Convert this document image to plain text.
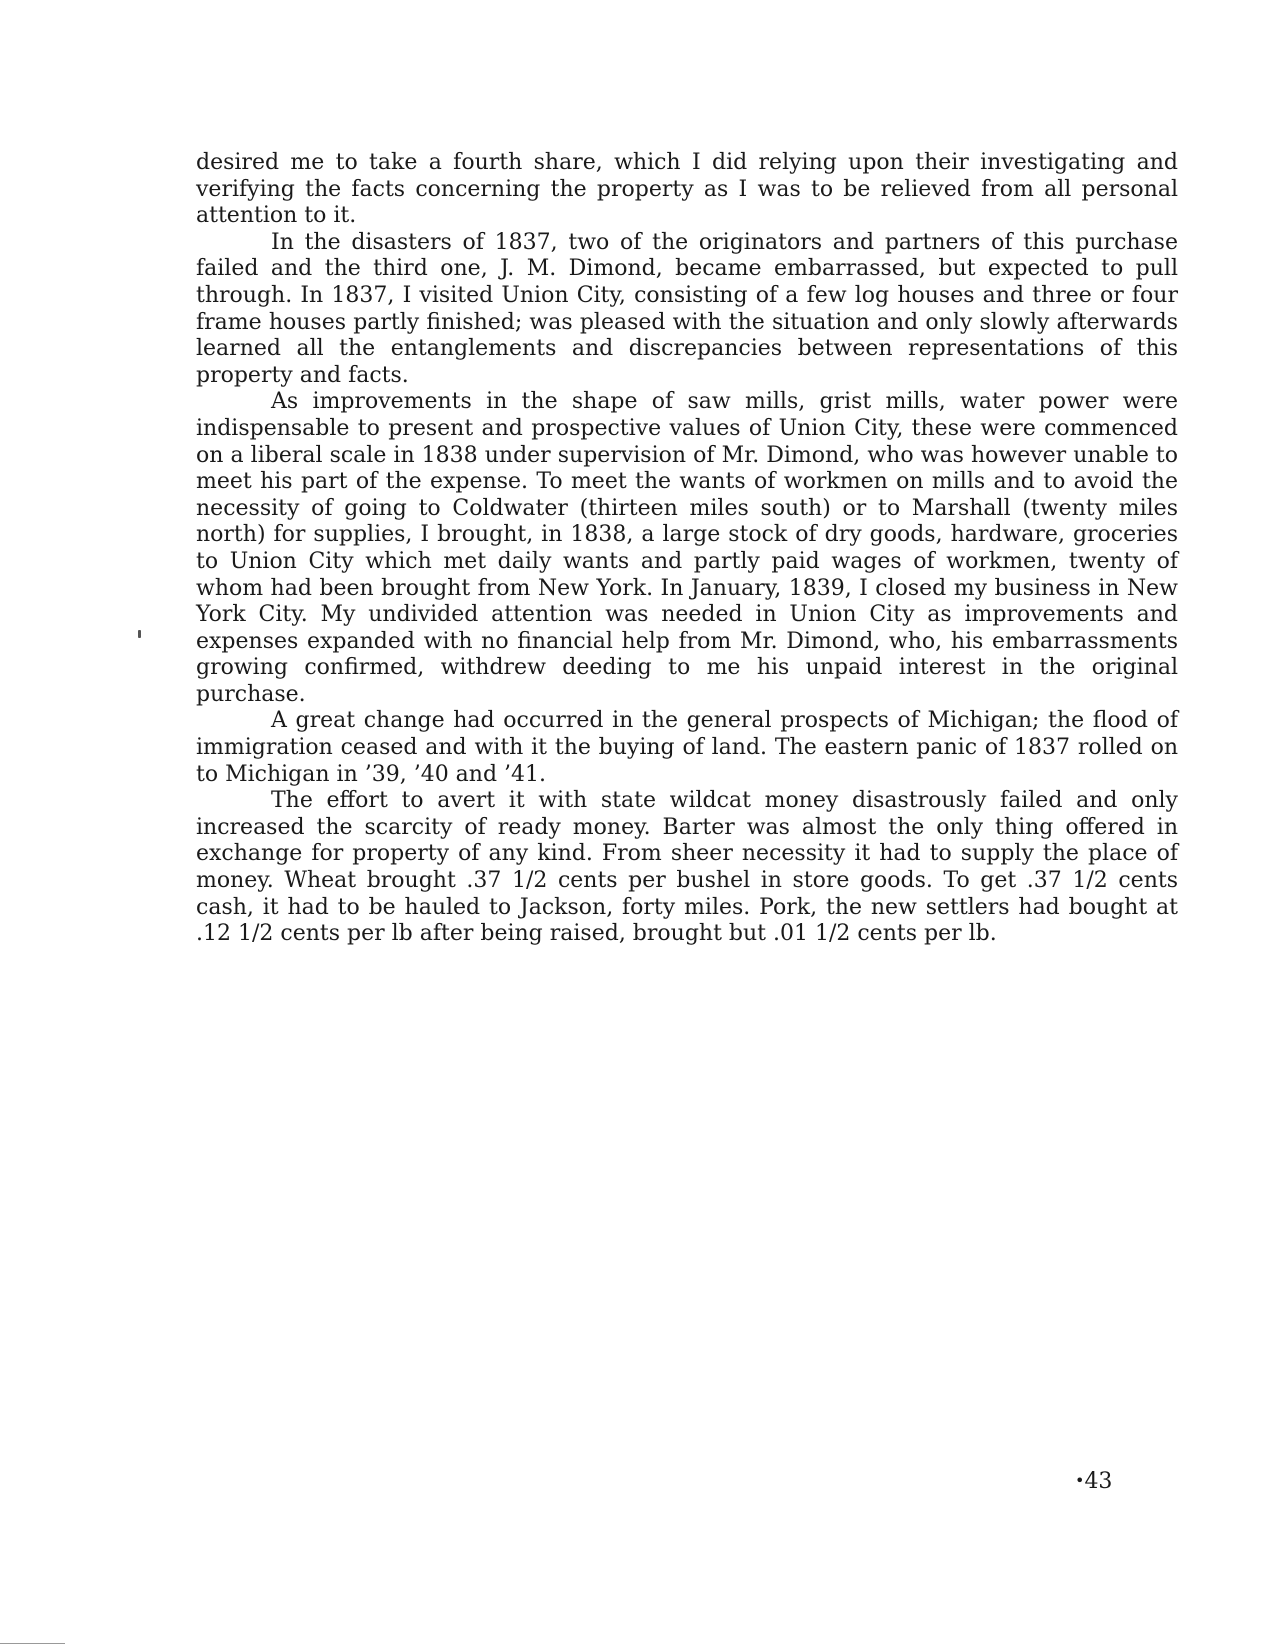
desired me to take a fourth share, which I did relying upon their investigating and verifying the facts concerning the property as I was to be relieved from all personal attention to it.

In the disasters of 1837, two of the originators and partners of this purchase failed and the third one, J. M. Dimond, became embarrassed, but expected to pull through. In 1837, I visited Union City, consisting of a few log houses and three or four frame houses partly finished; was pleased with the situation and only slowly afterwards learned all the entanglements and discrepancies between representations of this property and facts.

As improvements in the shape of saw mills, grist mills, water power were indispensable to present and prospective values of Union City, these were commenced on a liberal scale in 1838 under supervision of Mr. Dimond, who was however unable to meet his part of the expense. To meet the wants of workmen on mills and to avoid the necessity of going to Coldwater (thirteen miles south) or to Marshall (twenty miles north) for supplies, I brought, in 1838, a large stock of dry goods, hardware, groceries to Union City which met daily wants and partly paid wages of workmen, twenty of whom had been brought from New York. In January, 1839, I closed my business in New York City. My undivided attention was needed in Union City as improvements and expenses expanded with no financial help from Mr. Dimond, who, his embarrassments growing confirmed, withdrew deeding to me his unpaid interest in the original purchase.

A great change had occurred in the general prospects of Michigan; the flood of immigration ceased and with it the buying of land. The eastern panic of 1837 rolled on to Michigan in ’39, ’40 and ’41.

The effort to avert it with state wildcat money disastrously failed and only increased the scarcity of ready money. Barter was almost the only thing offered in exchange for property of any kind. From sheer necessity it had to supply the place of money. Wheat brought .37 1/2 cents per bushel in store goods. To get .37 1/2 cents cash, it had to be hauled to Jackson, forty miles. Pork, the new settlers had bought at .12 1/2 cents per lb after being raised, brought but .01 1/2 cents per lb.

•43
